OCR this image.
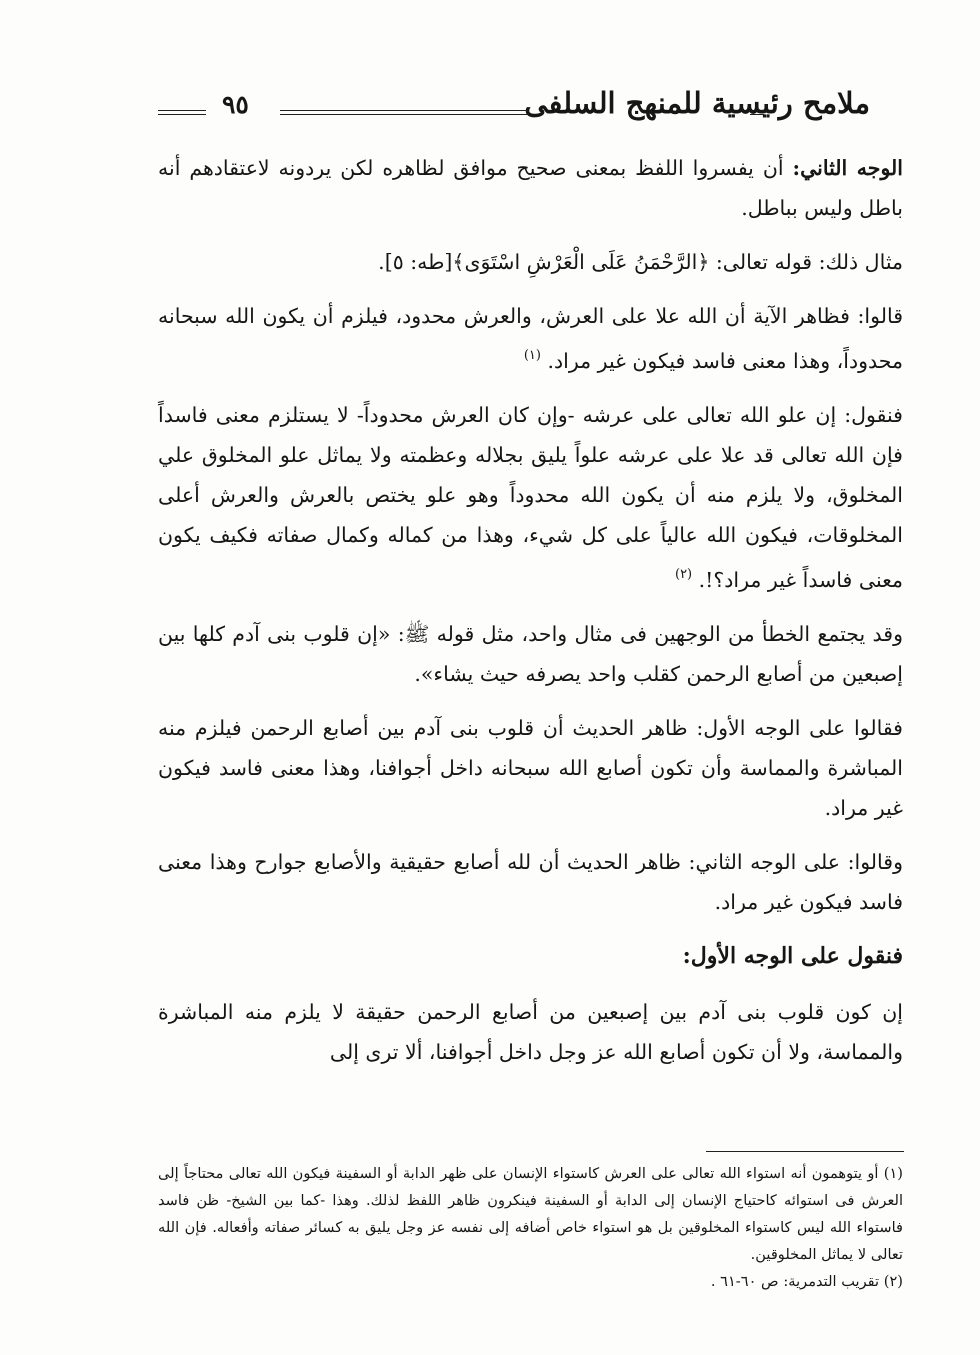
ملامح رئيسية للمنهج السلفى
٩٥

الوجه الثاني: أن يفسروا اللفظ بمعنى صحيح موافق لظاهره لكن يردونه لاعتقادهم أنه باطل وليس بباطل.

مثال ذلك: قوله تعالى: ﴿الرَّحْمَنُ عَلَى الْعَرْشِ اسْتَوَى﴾[طه: ٥].

قالوا: فظاهر الآية أن الله علا على العرش، والعرش محدود، فيلزم أن يكون الله سبحانه محدوداً، وهذا معنى فاسد فيكون غير مراد. $^{(١)}$

فنقول: إن علو الله تعالى على عرشه -وإن كان العرش محدوداً- لا يستلزم معنى فاسداً فإن الله تعالى قد علا على عرشه علواً يليق بجلاله وعظمته ولا يماثل علو المخلوق علي المخلوق، ولا يلزم منه أن يكون الله محدوداً وهو علو يختص بالعرش والعرش أعلى المخلوقات، فيكون الله عالياً على كل شيء، وهذا من كماله وكمال صفاته فكيف يكون معنى فاسداً غير مراد؟!. $^{(٢)}$

وقد يجتمع الخطأ من الوجهين فى مثال واحد، مثل قوله ﷺ: «إن قلوب بنى آدم كلها بين إصبعين من أصابع الرحمن كقلب واحد يصرفه حيث يشاء».

فقالوا على الوجه الأول: ظاهر الحديث أن قلوب بنى آدم بين أصابع الرحمن فيلزم منه المباشرة والمماسة وأن تكون أصابع الله سبحانه داخل أجوافنا، وهذا معنى فاسد فيكون غير مراد.

وقالوا: على الوجه الثاني: ظاهر الحديث أن لله أصابع حقيقية والأصابع جوارح وهذا معنى فاسد فيكون غير مراد.

فنقول على الوجه الأول:

إن كون قلوب بنى آدم بين إصبعين من أصابع الرحمن حقيقة لا يلزم منه المباشرة والمماسة، ولا أن تكون أصابع الله عز وجل داخل أجوافنا، ألا ترى إلى

(١) أو يتوهمون أنه استواء الله تعالى على العرش كاستواء الإنسان على ظهر الدابة أو السفينة فيكون الله تعالى محتاجاً إلى العرش فى استوائه كاحتياج الإنسان إلى الدابة أو السفينة فينكرون ظاهر اللفظ لذلك. وهذا -كما بين الشيخ- ظن فاسد فاستواء الله ليس كاستواء المخلوقين بل هو استواء خاص أضافه إلى نفسه عز وجل يليق به كسائر صفاته وأفعاله. فإن الله تعالى لا يماثل المخلوقين.

(٢) تقريب التدمرية: ص ٦٠-٦١ .
